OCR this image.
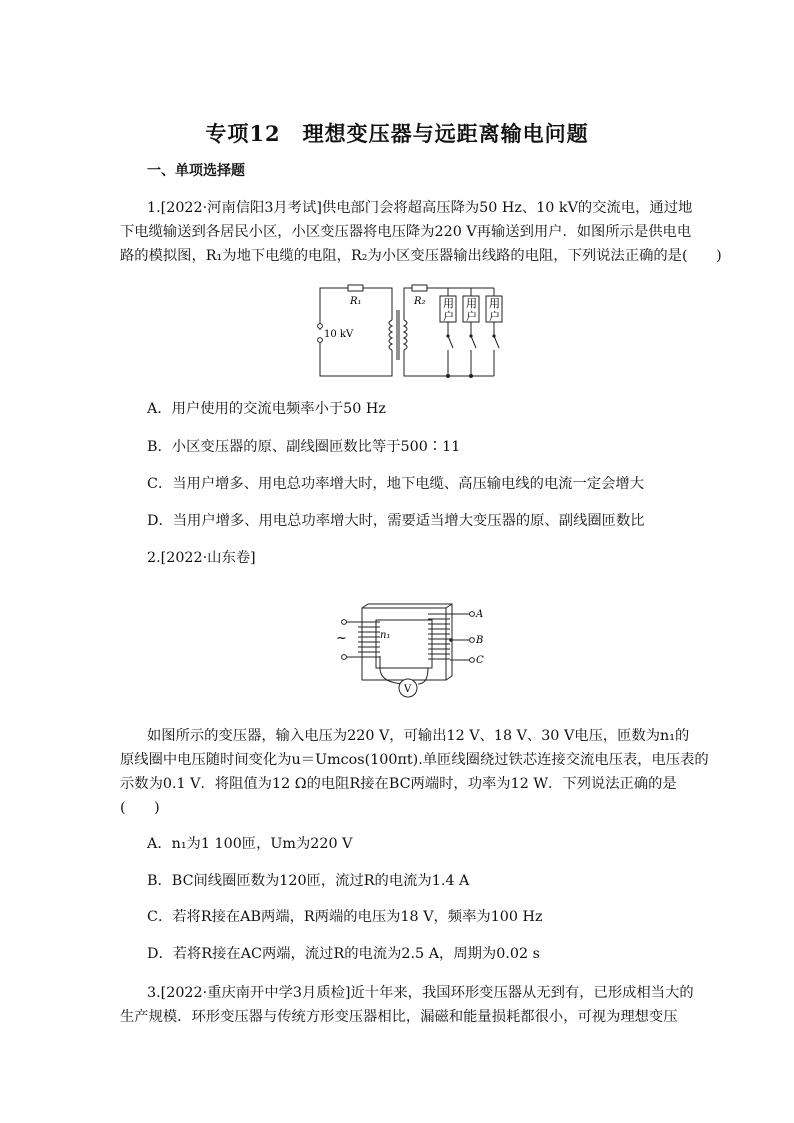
专项12　理想变压器与远距离输电问题
一、单项选择题
1.[2022·河南信阳3月考试]供电部门会将超高压降为50 Hz、10 kV的交流电，通过地
下电缆输送到各居民小区，小区变压器将电压降为220 V再输送到用户．如图所示是供电电
路的模拟图，R₁为地下电缆的电阻，R₂为小区变压器输出线路的电阻，下列说法正确的是(　　)
R₁	R₂
10 kV
用
户
用
户
用
户
A．用户使用的交流电频率小于50 Hz
B．小区变压器的原、副线圈匝数比等于500∶11
C．当用户增多、用电总功率增大时，地下电缆、高压输电线的电流一定会增大
D．当用户增多、用电总功率增大时，需要适当增大变压器的原、副线圈匝数比
2.[2022·山东卷]
V
~	n₁
A
B
C
如图所示的变压器，输入电压为220 V，可输出12 V、18 V、30 V电压，匝数为n₁的
原线圈中电压随时间变化为u＝Umcos(100πt).单匝线圈绕过铁芯连接交流电压表，电压表的
示数为0.1 V．将阻值为12 Ω的电阻R接在BC两端时，功率为12 W．下列说法正确的是
(　　)
A．n₁为1 100匝，Um为220 V
B．BC间线圈匝数为120匝，流过R的电流为1.4 A
C．若将R接在AB两端，R两端的电压为18 V，频率为100 Hz
D．若将R接在AC两端，流过R的电流为2.5 A，周期为0.02 s
3.[2022·重庆南开中学3月质检]近十年来，我国环形变压器从无到有，已形成相当大的
生产规模．环形变压器与传统方形变压器相比，漏磁和能量损耗都很小，可视为理想变压
